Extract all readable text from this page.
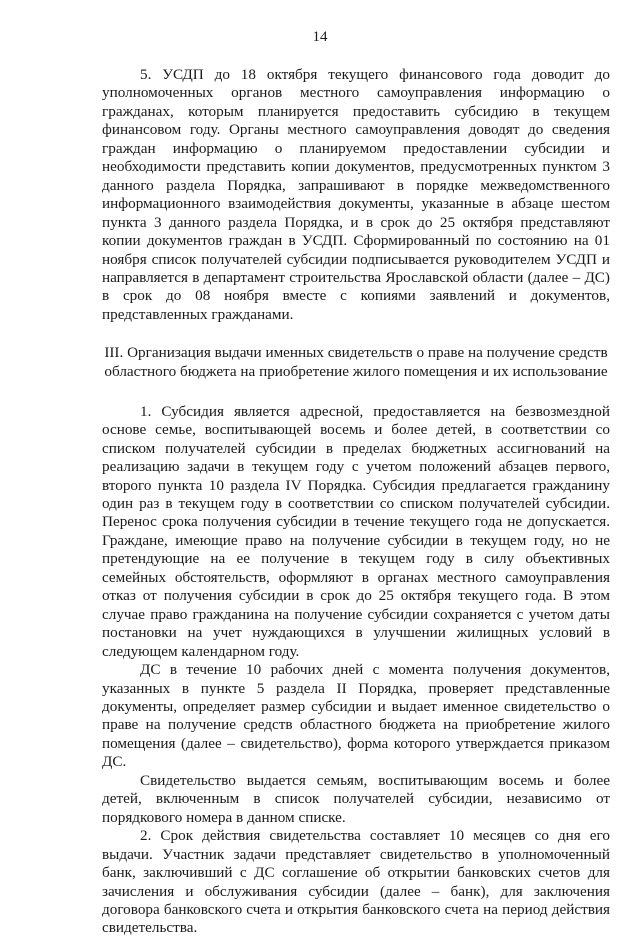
14

5. УСДП до 18 октября текущего финансового года доводит до уполномоченных органов местного самоуправления информацию о гражданах, которым планируется предоставить субсидию в текущем финансовом году. Органы местного самоуправления доводят до сведения граждан информацию о планируемом предоставлении субсидии и необходимости представить копии документов, предусмотренных пунктом 3 данного раздела Порядка, запрашивают в порядке межведомственного информационного взаимодействия документы, указанные в абзаце шестом пункта 3 данного раздела Порядка, и в срок до 25 октября представляют копии документов граждан в УСДП. Сформированный по состоянию на 01 ноября список получателей субсидии подписывается руководителем УСДП и направляется в департамент строительства Ярославской области (далее – ДС) в срок до 08 ноября вместе с копиями заявлений и документов, представленных гражданами.

III. Организация выдачи именных свидетельств о праве на получение средств областного бюджета на приобретение жилого помещения и их использование

1. Субсидия является адресной, предоставляется на безвозмездной основе семье, воспитывающей восемь и более детей, в соответствии со списком получателей субсидии в пределах бюджетных ассигнований на реализацию задачи в текущем году с учетом положений абзацев первого, второго пункта 10 раздела IV Порядка. Субсидия предлагается гражданину один раз в текущем году в соответствии со списком получателей субсидии. Перенос срока получения субсидии в течение текущего года не допускается. Граждане, имеющие право на получение субсидии в текущем году, но не претендующие на ее получение в текущем году в силу объективных семейных обстоятельств, оформляют в органах местного самоуправления отказ от получения субсидии в срок до 25 октября текущего года. В этом случае право гражданина на получение субсидии сохраняется с учетом даты постановки на учет нуждающихся в улучшении жилищных условий в следующем календарном году.

ДС в течение 10 рабочих дней с момента получения документов, указанных в пункте 5 раздела II Порядка, проверяет представленные документы, определяет размер субсидии и выдает именное свидетельство о праве на получение средств областного бюджета на приобретение жилого помещения (далее – свидетельство), форма которого утверждается приказом ДС.

Свидетельство выдается семьям, воспитывающим восемь и более детей, включенным в список получателей субсидии, независимо от порядкового номера в данном списке.

2. Срок действия свидетельства составляет 10 месяцев со дня его выдачи. Участник задачи представляет свидетельство в уполномоченный банк, заключивший с ДС соглашение об открытии банковских счетов для зачисления и обслуживания субсидии (далее – банк), для заключения договора банковского счета и открытия банковского счета на период действия свидетельства.
